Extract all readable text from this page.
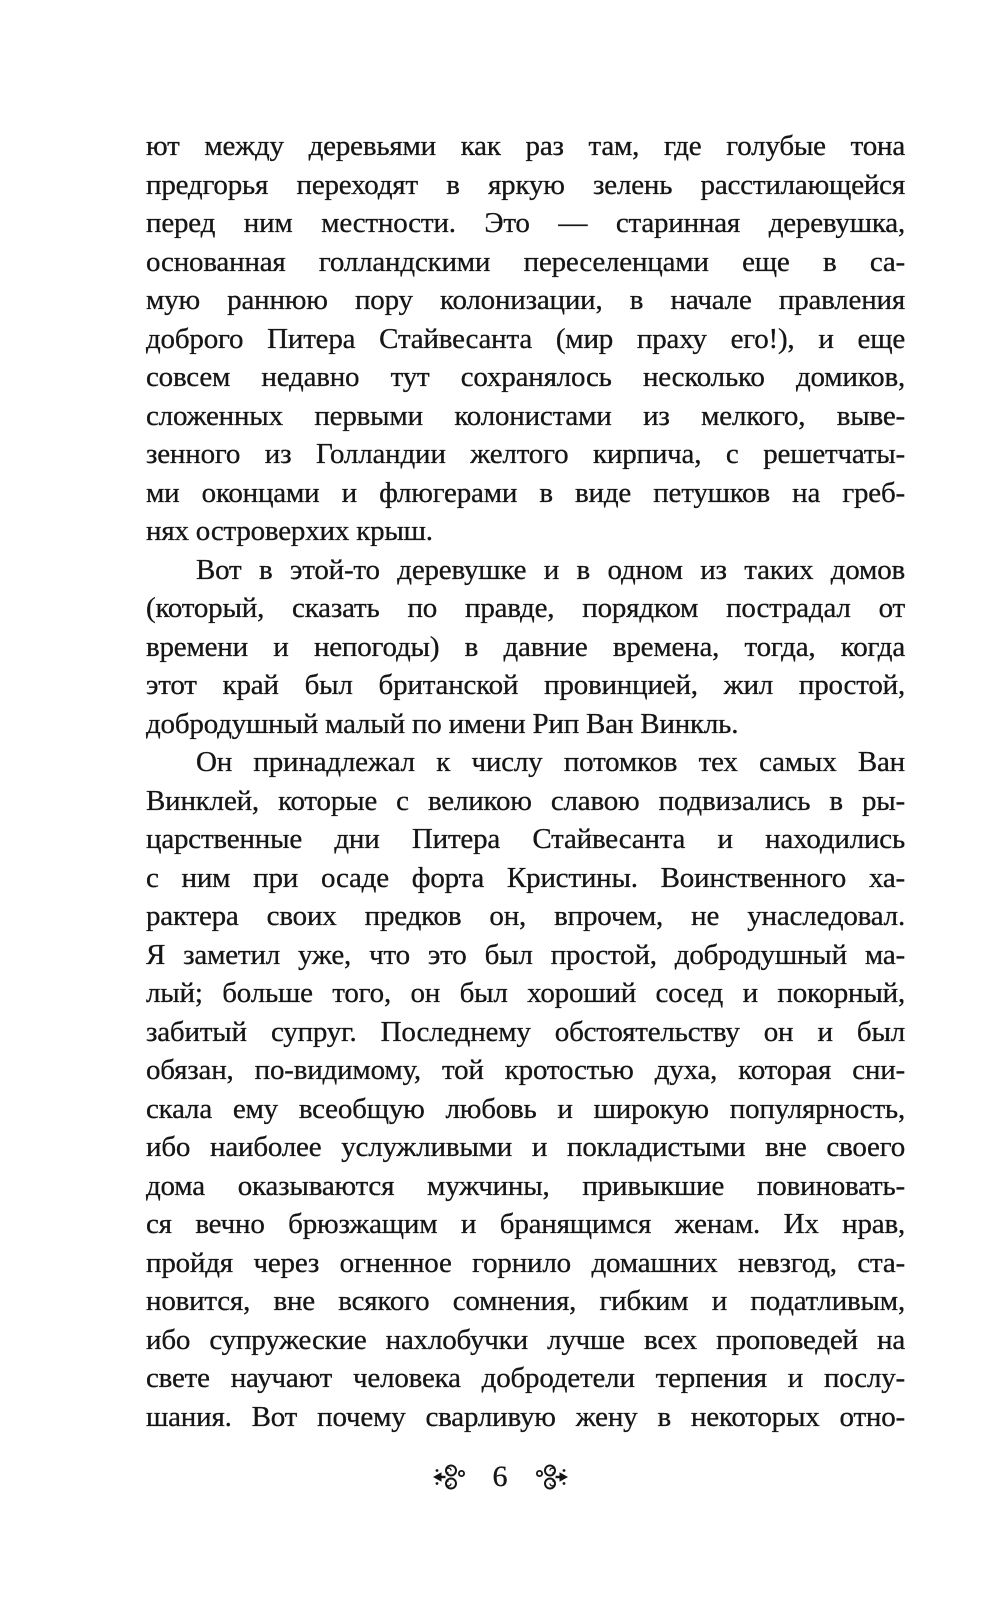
ют между деревьями как раз там, где голубые тона
предгорья переходят в яркую зелень расстилающейся
перед ним местности. Это — старинная деревушка,
основанная голландскими переселенцами еще в са-
мую раннюю пору колонизации, в начале правления
доброго Питера Стайвесанта (мир праху его!), и еще
совсем недавно тут сохранялось несколько домиков,
сложенных первыми колонистами из мелкого, выве-
зенного из Голландии желтого кирпича, с решетчаты-
ми оконцами и флюгерами в виде петушков на греб-
нях островерхих крыш.
Вот в этой-то деревушке и в одном из таких домов
(который, сказать по правде, порядком пострадал от
времени и непогоды) в давние времена, тогда, когда
этот край был британской провинцией, жил простой,
добродушный малый по имени Рип Ван Винкль.
Он принадлежал к числу потомков тех самых Ван
Винклей, которые с великою славою подвизались в ры-
царственные дни Питера Стайвесанта и находились
с ним при осаде форта Кристины. Воинственного ха-
рактера своих предков он, впрочем, не унаследовал.
Я заметил уже, что это был простой, добродушный ма-
лый; больше того, он был хороший сосед и покорный,
забитый супруг. Последнему обстоятельству он и был
обязан, по-видимому, той кротостью духа, которая сни-
скала ему всеобщую любовь и широкую популярность,
ибо наиболее услужливыми и покладистыми вне своего
дома оказываются мужчины, привыкшие повиновать-
ся вечно брюзжащим и бранящимся женам. Их нрав,
пройдя через огненное горнило домашних невзгод, ста-
новится, вне всякого сомнения, гибким и податливым,
ибо супружеские нахлобучки лучше всех проповедей на
свете научают человека добродетели терпения и послу-
шания. Вот почему сварливую жену в некоторых отно-
6
